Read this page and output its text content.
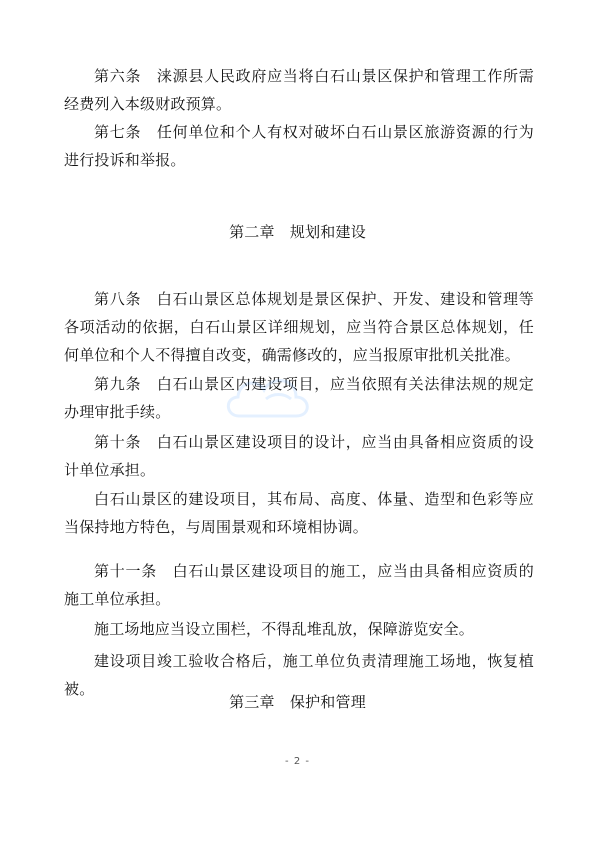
第六条　涞源县人民政府应当将白石山景区保护和管理工作所需经费列入本级财政预算。
第七条　任何单位和个人有权对破坏白石山景区旅游资源的行为进行投诉和举报。
第二章　规划和建设
第八条　白石山景区总体规划是景区保护、开发、建设和管理等各项活动的依据，白石山景区详细规划，应当符合景区总体规划，任何单位和个人不得擅自改变，确需修改的，应当报原审批机关批准。
第九条　白石山景区内建设项目，应当依照有关法律法规的规定办理审批手续。
第十条　白石山景区建设项目的设计，应当由具备相应资质的设计单位承担。
白石山景区的建设项目，其布局、高度、体量、造型和色彩等应当保持地方特色，与周围景观和环境相协调。
第十一条　白石山景区建设项目的施工，应当由具备相应资质的施工单位承担。
施工场地应当设立围栏，不得乱堆乱放，保障游览安全。
建设项目竣工验收合格后，施工单位负责清理施工场地，恢复植被。
第三章　保护和管理
- 2 -
